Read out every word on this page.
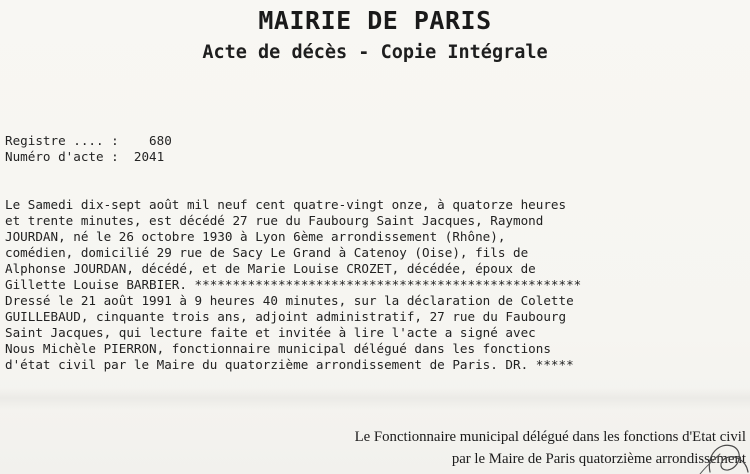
MAIRIE DE PARIS
Acte de décès - Copie Intégrale
Registre .... :    680
Numéro d'acte :  2041
Le Samedi dix-sept août mil neuf cent quatre-vingt onze, à quatorze heures
et trente minutes, est décédé 27 rue du Faubourg Saint Jacques, Raymond
JOURDAN, né le 26 octobre 1930 à Lyon 6ème arrondissement (Rhône),
comédien, domicilié 29 rue de Sacy Le Grand à Catenoy (Oise), fils de
Alphonse JOURDAN, décédé, et de Marie Louise CROZET, décédée, époux de
Gillette Louise BARBIER. ***************************************************
Dressé le 21 août 1991 à 9 heures 40 minutes, sur la déclaration de Colette
GUILLEBAUD, cinquante trois ans, adjoint administratif, 27 rue du Faubourg
Saint Jacques, qui lecture faite et invitée à lire l'acte a signé avec
Nous Michèle PIERRON, fonctionnaire municipal délégué dans les fonctions
d'état civil par le Maire du quatorzième arrondissement de Paris. DR. *****
Le Fonctionnaire municipal délégué dans les fonctions d'Etat civil
par le Maire de Paris quatorzième arrondissement
